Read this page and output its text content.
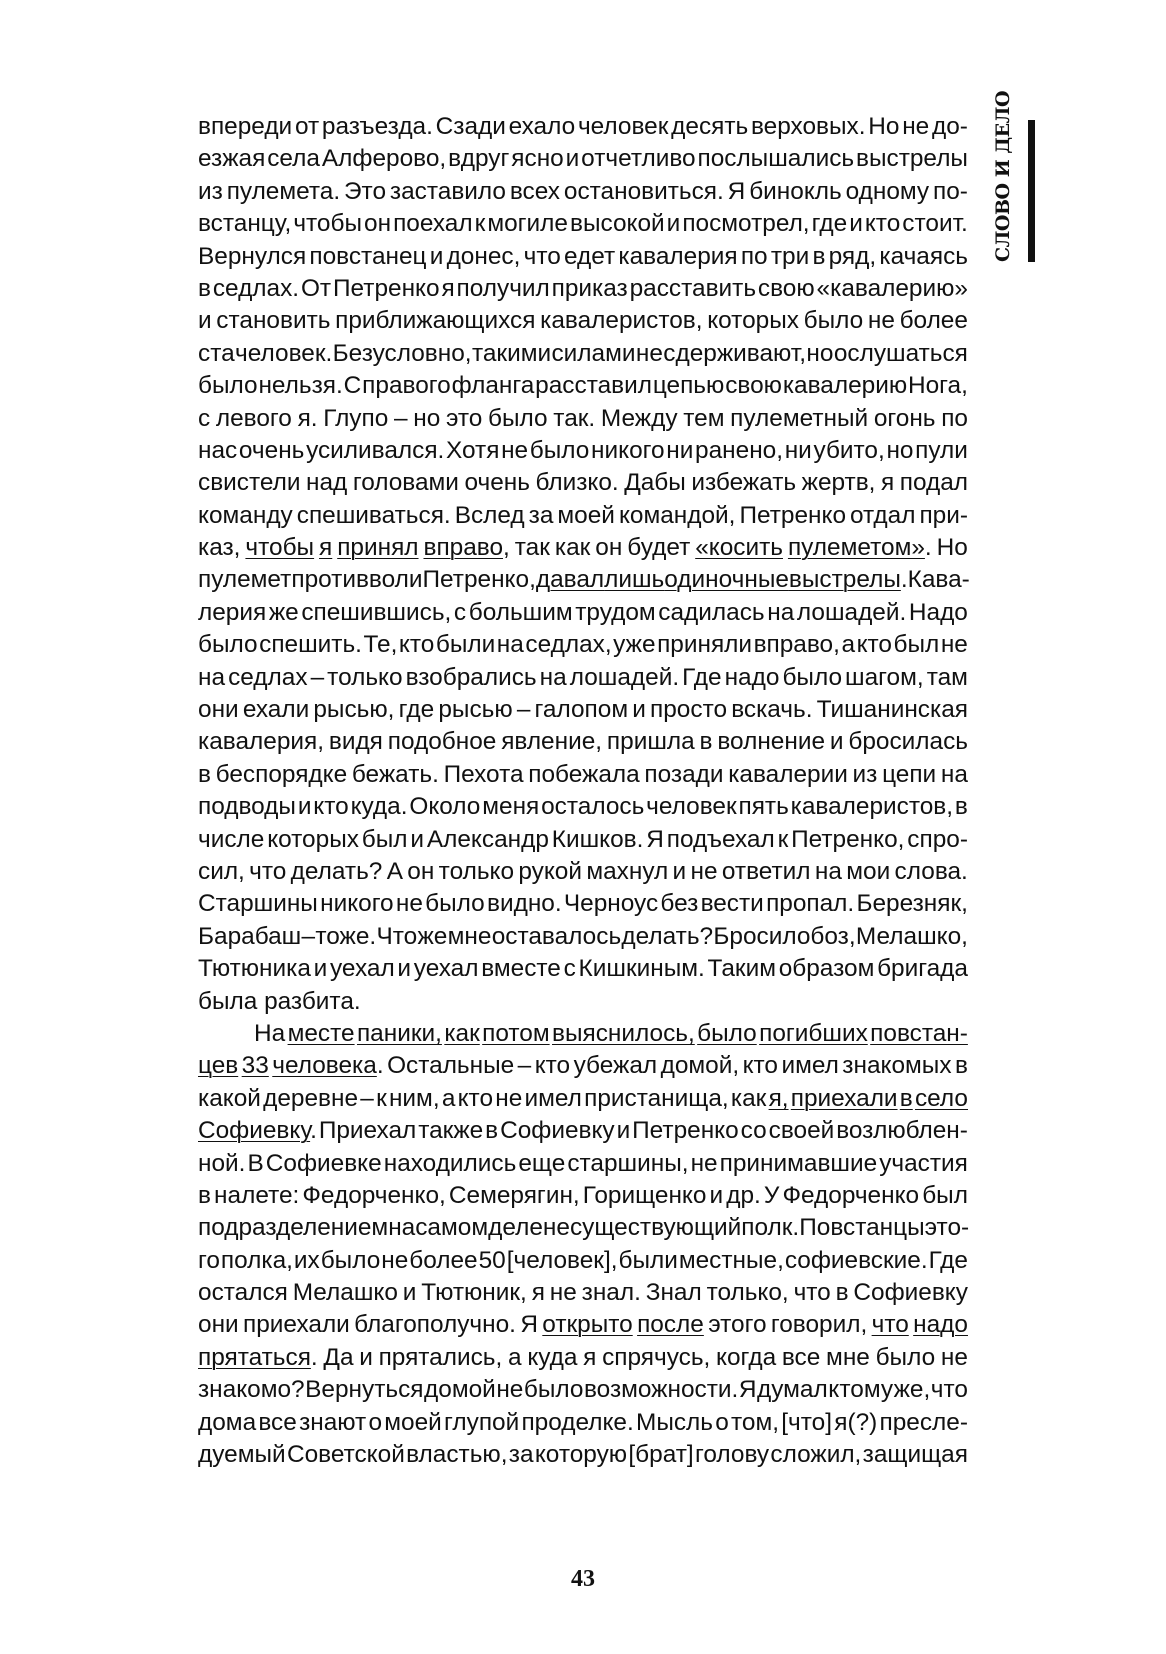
СЛОВО И ДЕЛО
впереди от разъезда. Сзади ехало человек десять верховых. Но не до-
езжая села Алферово, вдруг ясно и отчетливо послышались выстрелы
из пулемета. Это заставило всех остановиться. Я бинокль одному по-
встанцу, чтобы он поехал к могиле высокой и посмотрел, где и кто стоит.
Вернулся повстанец и донес, что едет кавалерия по три в ряд, качаясь
в седлах. От Петренко я получил приказ расставить свою «кавалерию»
и становить приближающихся кавалеристов, которых было не более
ста человек. Безусловно, такими силами не сдерживают, но ослушаться
было нельзя. С правого фланга расставил цепью свою кавалерию Нога,
с левого я. Глупо – но это было так. Между тем пулеметный огонь по
нас очень усиливался. Хотя не было никого ни ранено, ни убито, но пули
свистели над головами очень близко. Дабы избежать жертв, я подал
команду спешиваться. Вслед за моей командой, Петренко отдал при-
каз, чтобы я принял вправо, так как он будет «косить пулеметом». Но
пулемет против воли Петренко, давал лишь одиночные выстрелы. Кава-
лерия же спешившись, с большим трудом садилась на лошадей. Надо
было спешить. Те, кто были на седлах, уже приняли вправо, а кто был не
на седлах – только взобрались на лошадей. Где надо было шагом, там
они ехали рысью, где рысью – галопом и просто вскачь. Тишанинская
кавалерия, видя подобное явление, пришла в волнение и бросилась
в беспорядке бежать. Пехота побежала позади кавалерии из цепи на
подводы и кто куда. Около меня осталось человек пять кавалеристов, в
числе которых был и Александр Кишков. Я подъехал к Петренко, спро-
сил, что делать? А он только рукой махнул и не ответил на мои слова.
Старшины никого не было видно. Черноус без вести пропал. Березняк,
Барабаш – тоже. Что же мне оставалось делать? Бросил обоз, Мелашко,
Тютюника и уехал и уехал вместе с Кишкиным. Таким образом бригада
была разбита.
На месте паники, как потом выяснилось, было погибших повстан-
цев 33 человека. Остальные – кто убежал домой, кто имел знакомых в
какой деревне – к ним, а кто не имел пристанища, как я, приехали в село
Софиевку. Приехал также в Софиевку и Петренко со своей возлюблен-
ной. В Софиевке находились еще старшины, не принимавшие участия
в налете: Федорченко, Семерягин, Горищенко и др. У Федорченко был
подразделением на самом деле не существующий полк. Повстанцы это-
го полка, их было не более 50 [человек], были местные, софиевские. Где
остался Мелашко и Тютюник, я не знал. Знал только, что в Софиевку
они приехали благополучно. Я открыто после этого говорил, что надо
прятаться. Да и прятались, а куда я спрячусь, когда все мне было не
знакомо? Вернуться домой не было возможности. Я думал к тому же, что
дома все знают о моей глупой проделке. Мысль о том, [что] я(?) пресле-
дуемый Советской властью, за которую [брат] голову сложил, защищая
43
